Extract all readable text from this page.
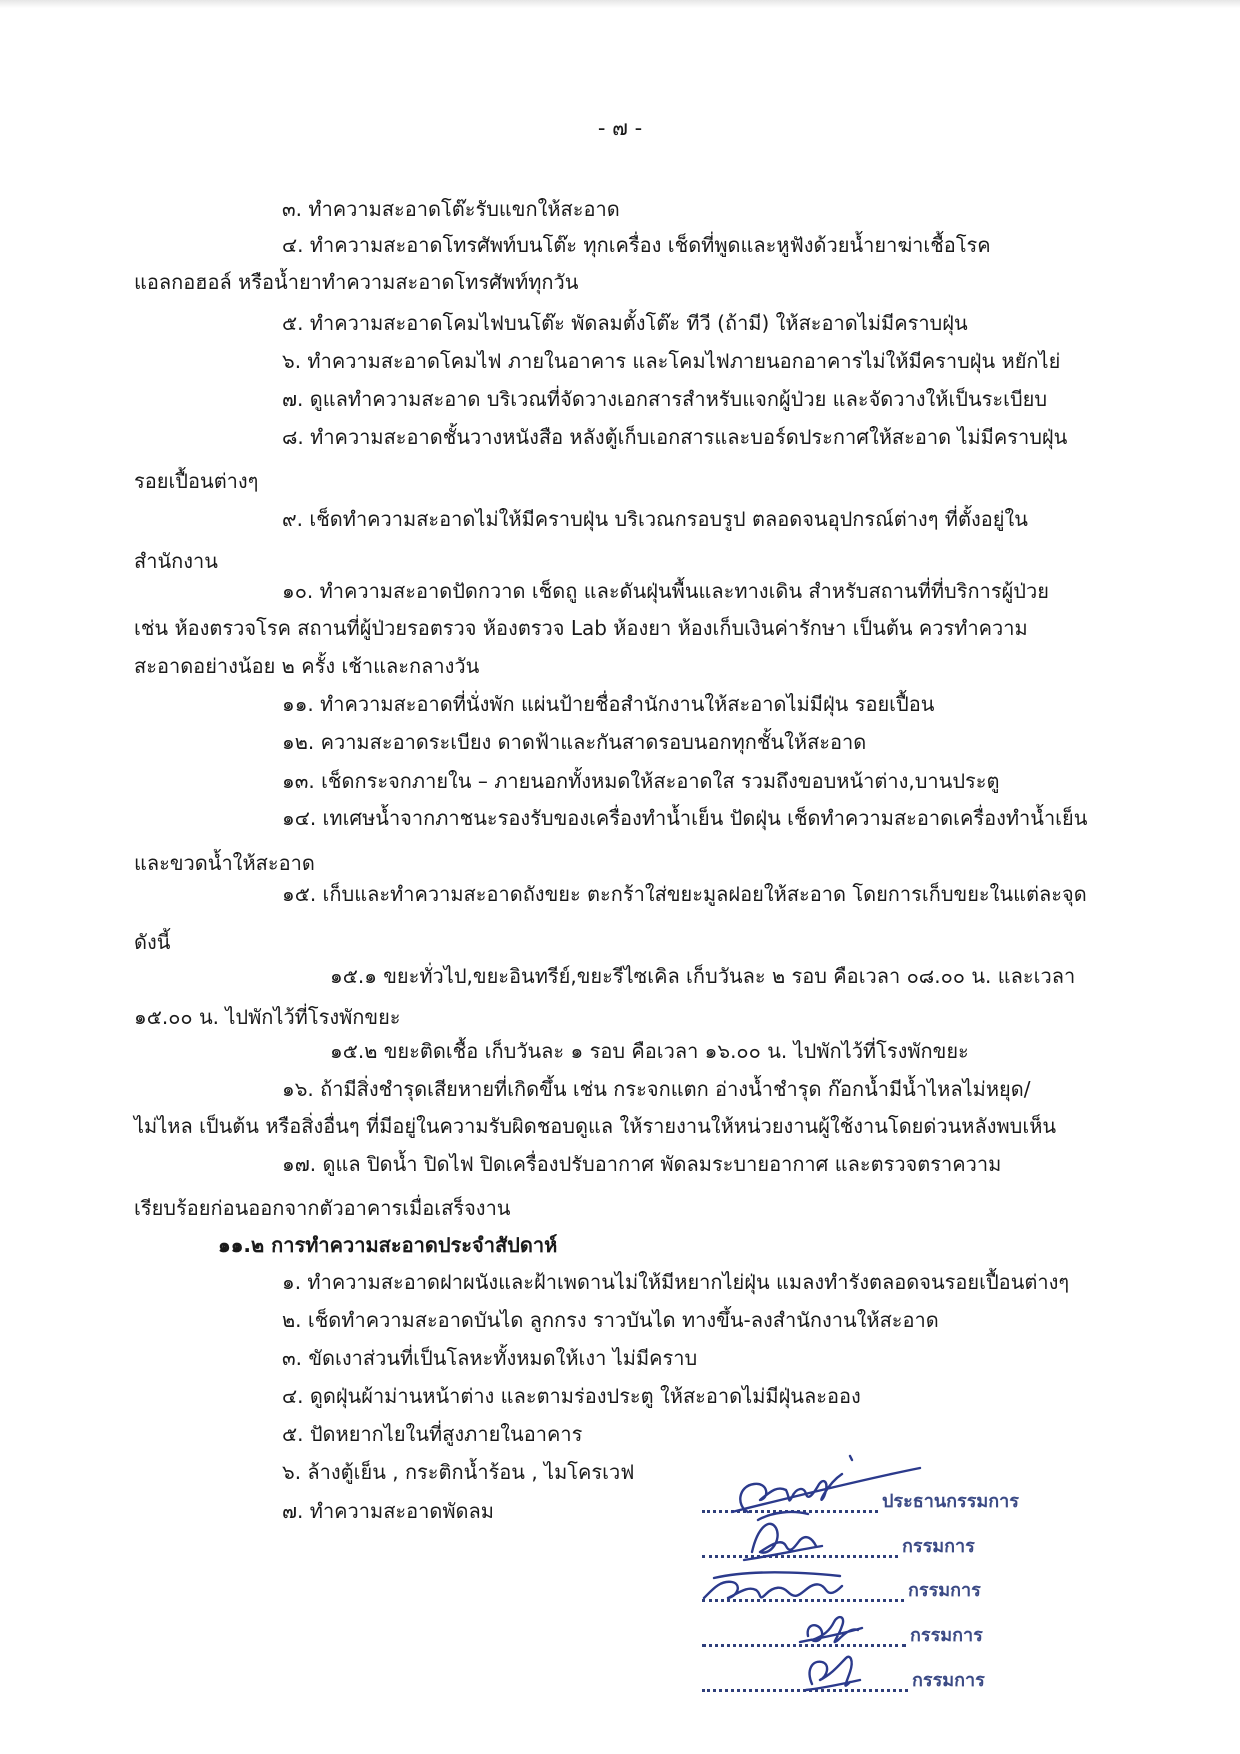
- ๗ -

๓. ทำความสะอาดโต๊ะรับแขกให้สะอาด

๔. ทำความสะอาดโทรศัพท์บนโต๊ะ ทุกเครื่อง เช็ดที่พูดและหูฟังด้วยน้ำยาฆ่าเชื้อโรค

แอลกอฮอล์ หรือน้ำยาทำความสะอาดโทรศัพท์ทุกวัน

๕. ทำความสะอาดโคมไฟบนโต๊ะ พัดลมตั้งโต๊ะ ทีวี (ถ้ามี) ให้สะอาดไม่มีคราบฝุ่น

๖. ทำความสะอาดโคมไฟ ภายในอาคาร และโคมไฟภายนอกอาคารไม่ให้มีคราบฝุ่น หยักไย่

๗. ดูแลทำความสะอาด บริเวณที่จัดวางเอกสารสำหรับแจกผู้ป่วย และจัดวางให้เป็นระเบียบ

๘. ทำความสะอาดชั้นวางหนังสือ หลังตู้เก็บเอกสารและบอร์ดประกาศให้สะอาด ไม่มีคราบฝุ่น

รอยเปื้อนต่างๆ

๙. เช็ดทำความสะอาดไม่ให้มีคราบฝุ่น บริเวณกรอบรูป ตลอดจนอุปกรณ์ต่างๆ ที่ตั้งอยู่ใน

สำนักงาน

๑๐. ทำความสะอาดปัดกวาด เช็ดถู และดันฝุ่นพื้นและทางเดิน สำหรับสถานที่ที่บริการผู้ป่วย

เช่น ห้องตรวจโรค สถานที่ผู้ป่วยรอตรวจ ห้องตรวจ Lab ห้องยา ห้องเก็บเงินค่ารักษา เป็นต้น ควรทำความ

สะอาดอย่างน้อย ๒ ครั้ง เช้าและกลางวัน

๑๑. ทำความสะอาดที่นั่งพัก แผ่นป้ายชื่อสำนักงานให้สะอาดไม่มีฝุ่น รอยเปื้อน

๑๒. ความสะอาดระเบียง ดาดฟ้าและกันสาดรอบนอกทุกชั้นให้สะอาด

๑๓. เช็ดกระจกภายใน – ภายนอกทั้งหมดให้สะอาดใส รวมถึงขอบหน้าต่าง,บานประตู

๑๔. เทเศษน้ำจากภาชนะรองรับของเครื่องทำน้ำเย็น ปัดฝุ่น เช็ดทำความสะอาดเครื่องทำน้ำเย็น

และขวดน้ำให้สะอาด

๑๕. เก็บและทำความสะอาดถังขยะ ตะกร้าใส่ขยะมูลฝอยให้สะอาด โดยการเก็บขยะในแต่ละจุด

ดังนี้

๑๕.๑ ขยะทั่วไป,ขยะอินทรีย์,ขยะรีไซเคิล เก็บวันละ ๒ รอบ คือเวลา ๐๘.๐๐ น. และเวลา

๑๕.๐๐ น. ไปพักไว้ที่โรงพักขยะ

๑๕.๒ ขยะติดเชื้อ เก็บวันละ ๑ รอบ คือเวลา ๑๖.๐๐ น. ไปพักไว้ที่โรงพักขยะ

๑๖. ถ้ามีสิ่งชำรุดเสียหายที่เกิดขึ้น เช่น กระจกแตก อ่างน้ำชำรุด ก๊อกน้ำมีน้ำไหลไม่หยุด/

ไม่ไหล เป็นต้น หรือสิ่งอื่นๆ ที่มีอยู่ในความรับผิดชอบดูแล ให้รายงานให้หน่วยงานผู้ใช้งานโดยด่วนหลังพบเห็น

๑๗. ดูแล ปิดน้ำ ปิดไฟ ปิดเครื่องปรับอากาศ พัดลมระบายอากาศ และตรวจตราความ

เรียบร้อยก่อนออกจากตัวอาคารเมื่อเสร็จงาน

๑๑.๒ การทำความสะอาดประจำสัปดาห์

๑. ทำความสะอาดฝาผนังและฝ้าเพดานไม่ให้มีหยากไย่ฝุ่น แมลงทำรังตลอดจนรอยเปื้อนต่างๆ

๒. เช็ดทำความสะอาดบันได ลูกกรง ราวบันได ทางขึ้น-ลงสำนักงานให้สะอาด

๓. ขัดเงาส่วนที่เป็นโลหะทั้งหมดให้เงา ไม่มีคราบ

๔. ดูดฝุ่นผ้าม่านหน้าต่าง และตามร่องประตู ให้สะอาดไม่มีฝุ่นละออง

๕. ปัดหยากไยในที่สูงภายในอาคาร

๖. ล้างตู้เย็น , กระติกน้ำร้อน , ไมโครเวฟ

๗. ทำความสะอาดพัดลม	ประธานกรรมการ
กรรมการ
กรรมการ
กรรมการ
กรรมการ
